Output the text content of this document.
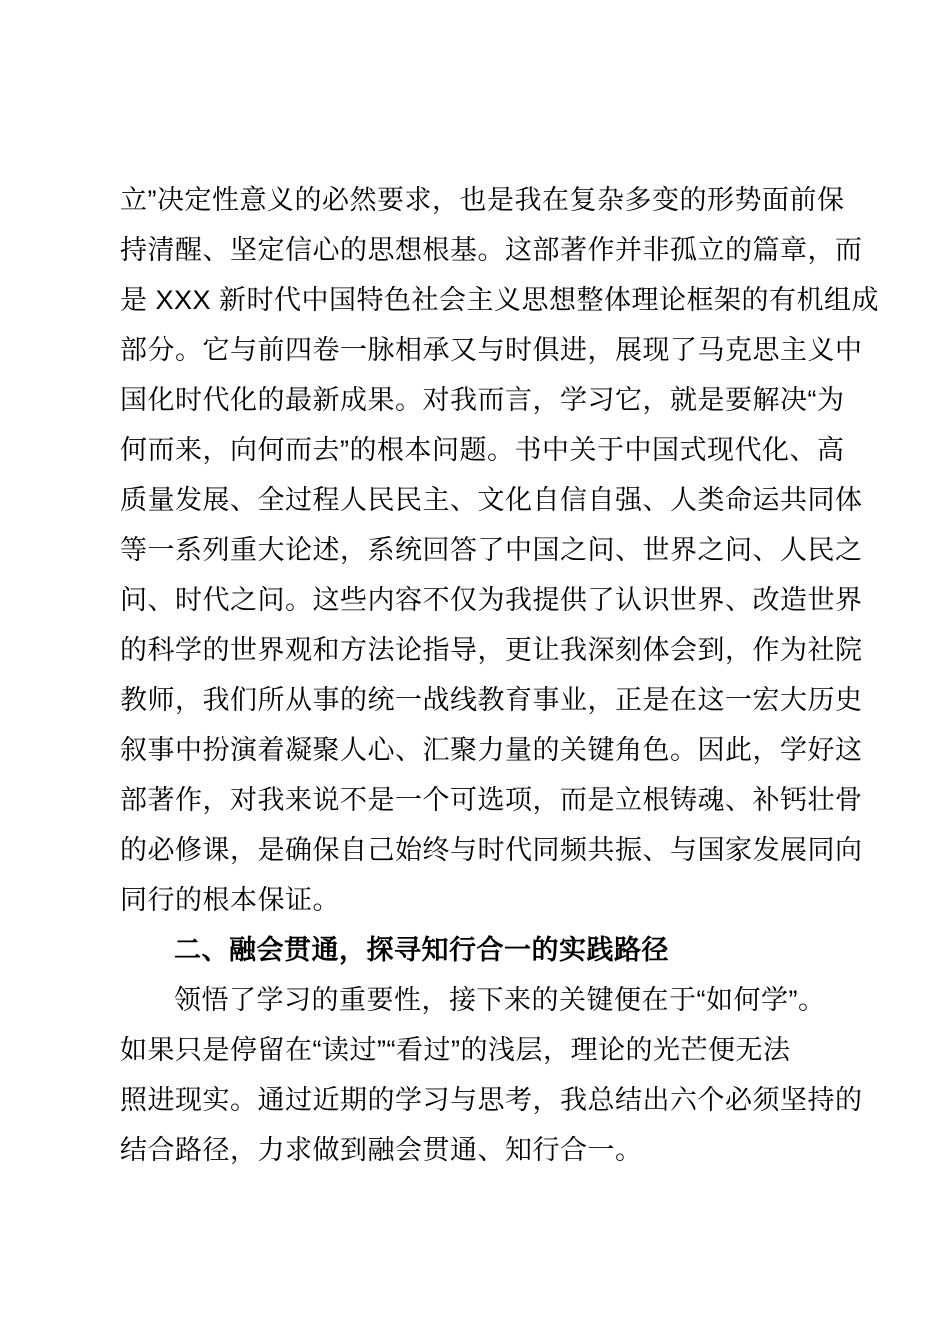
立”决定性意义的必然要求，也是我在复杂多变的形势面前保
持清醒、坚定信心的思想根基。这部著作并非孤立的篇章，而
是 XXX 新时代中国特色社会主义思想整体理论框架的有机组成
部分。它与前四卷一脉相承又与时俱进，展现了马克思主义中
国化时代化的最新成果。对我而言，学习它，就是要解决“为
何而来，向何而去”的根本问题。书中关于中国式现代化、高
质量发展、全过程人民民主、文化自信自强、人类命运共同体
等一系列重大论述，系统回答了中国之问、世界之问、人民之
问、时代之问。这些内容不仅为我提供了认识世界、改造世界
的科学的世界观和方法论指导，更让我深刻体会到，作为社院
教师，我们所从事的统一战线教育事业，正是在这一宏大历史
叙事中扮演着凝聚人心、汇聚力量的关键角色。因此，学好这
部著作，对我来说不是一个可选项，而是立根铸魂、补钙壮骨
的必修课，是确保自己始终与时代同频共振、与国家发展同向
同行的根本保证。
二、融会贯通，探寻知行合一的实践路径
领悟了学习的重要性，接下来的关键便在于“如何学”。
如果只是停留在“读过”“看过”的浅层，理论的光芒便无法
照进现实。通过近期的学习与思考，我总结出六个必须坚持的
结合路径，力求做到融会贯通、知行合一。
